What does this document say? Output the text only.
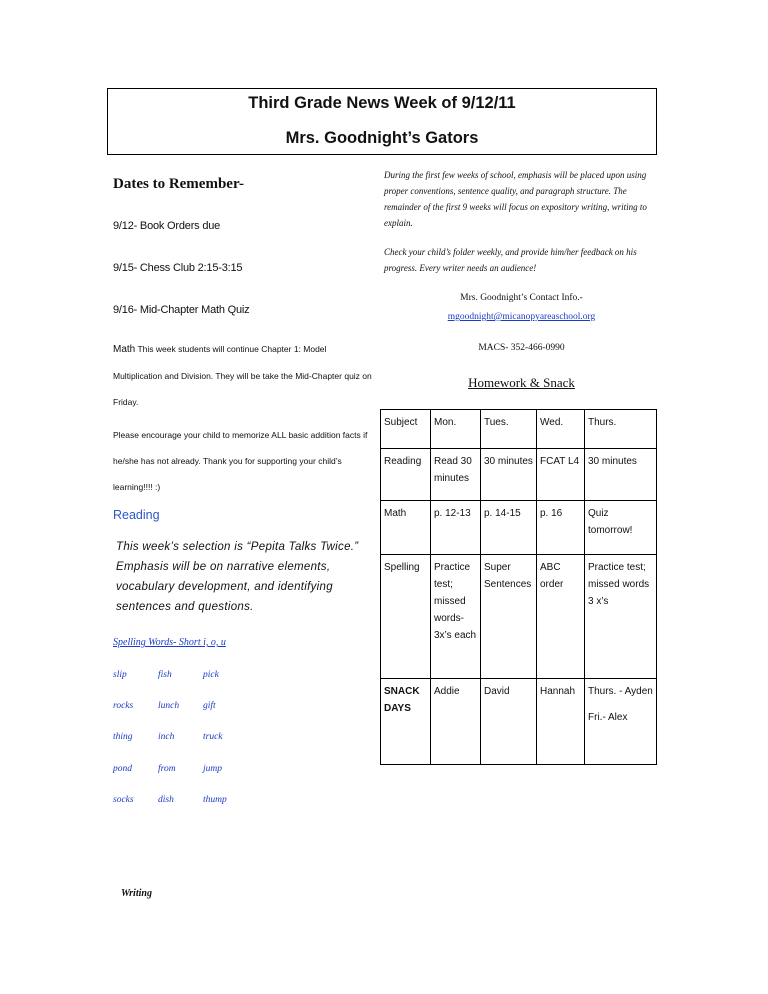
Third Grade News Week of 9/12/11
Mrs. Goodnight’s Gators
Dates to Remember-
9/12- Book Orders due
9/15- Chess Club 2:15-3:15
9/16- Mid-Chapter Math Quiz
Math This week students will continue Chapter 1: Model Multiplication and Division. They will be take the Mid-Chapter quiz on Friday.
Please encourage your child to memorize ALL basic addition facts if he/she has not already. Thank you for supporting your child’s learning!!!! :)
Reading
This week’s selection is “Pepita Talks Twice.” Emphasis will be on narrative elements, vocabulary development, and identifying sentences and questions.
Spelling Words- Short i, o, u
slip	fish	pick
rocks	lunch	gift
thing	inch	truck
pond	from	jump
socks	dish	thump
Writing
During the first few weeks of school, emphasis will be placed upon using proper conventions, sentence quality, and paragraph structure. The remainder of the first 9 weeks will focus on expository writing, writing to explain.
Check your child’s folder weekly, and provide him/her feedback on his progress. Every writer needs an audience!
Mrs. Goodnight’s Contact Info.-
mgoodnight@micanopyareaschool.org
MACS- 352-466-0990
Homework & Snack
Subject	Mon.	Tues.	Wed.	Thurs.
Reading	Read 30 minutes	30 minutes	FCAT L4	30 minutes
Math	p. 12-13	p. 14-15	p. 16	Quiz tomorrow!
Spelling	Practice test; missed words- 3x’s each	Super Sentences	ABC order	Practice test; missed words 3 x’s
SNACK DAYS	Addie	David	Hannah	Thurs. - Ayden
Fri.- Alex
